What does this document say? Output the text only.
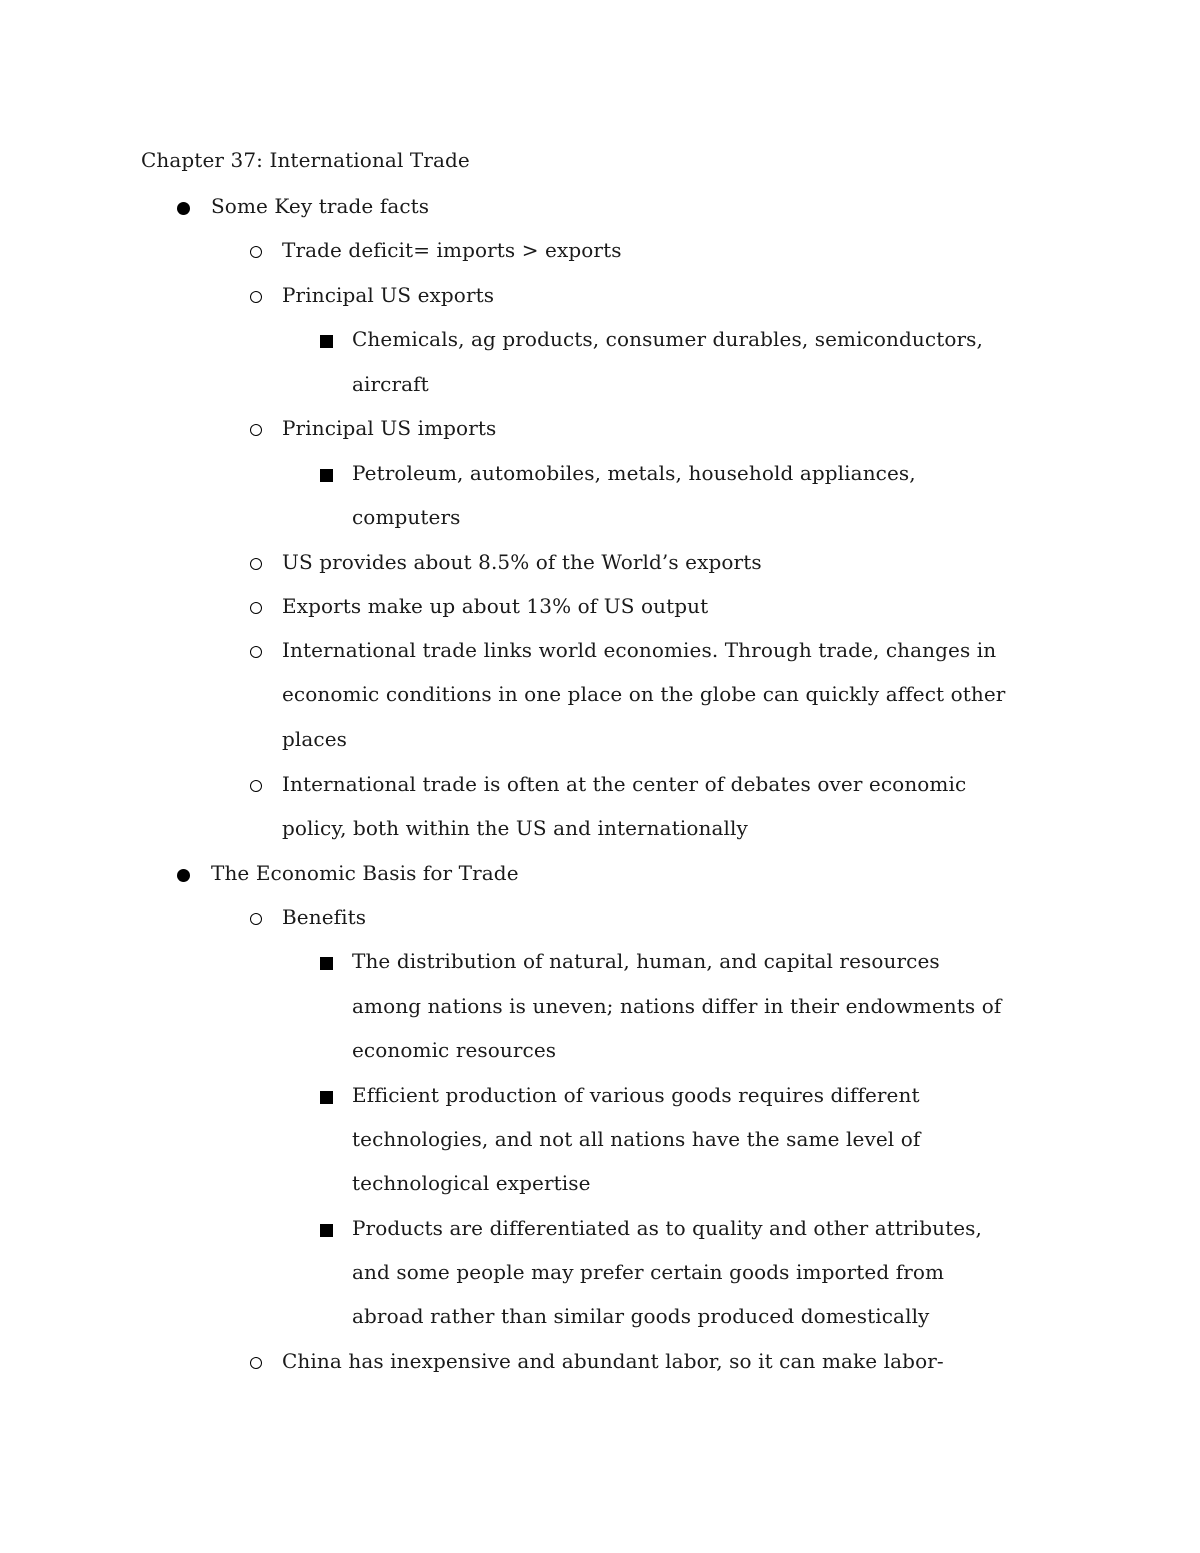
Chapter 37: International Trade
Some Key trade facts
Trade deficit= imports > exports
Principal US exports
Chemicals, ag products, consumer durables, semiconductors,
aircraft
Principal US imports
Petroleum, automobiles, metals, household appliances,
computers
US provides about 8.5% of the World’s exports
Exports make up about 13% of US output
International trade links world economies. Through trade, changes in
economic conditions in one place on the globe can quickly affect other
places
International trade is often at the center of debates over economic
policy, both within the US and internationally
The Economic Basis for Trade
Benefits
The distribution of natural, human, and capital resources
among nations is uneven; nations differ in their endowments of
economic resources
Efficient production of various goods requires different
technologies, and not all nations have the same level of
technological expertise
Products are differentiated as to quality and other attributes,
and some people may prefer certain goods imported from
abroad rather than similar goods produced domestically
China has inexpensive and abundant labor, so it can make labor-
